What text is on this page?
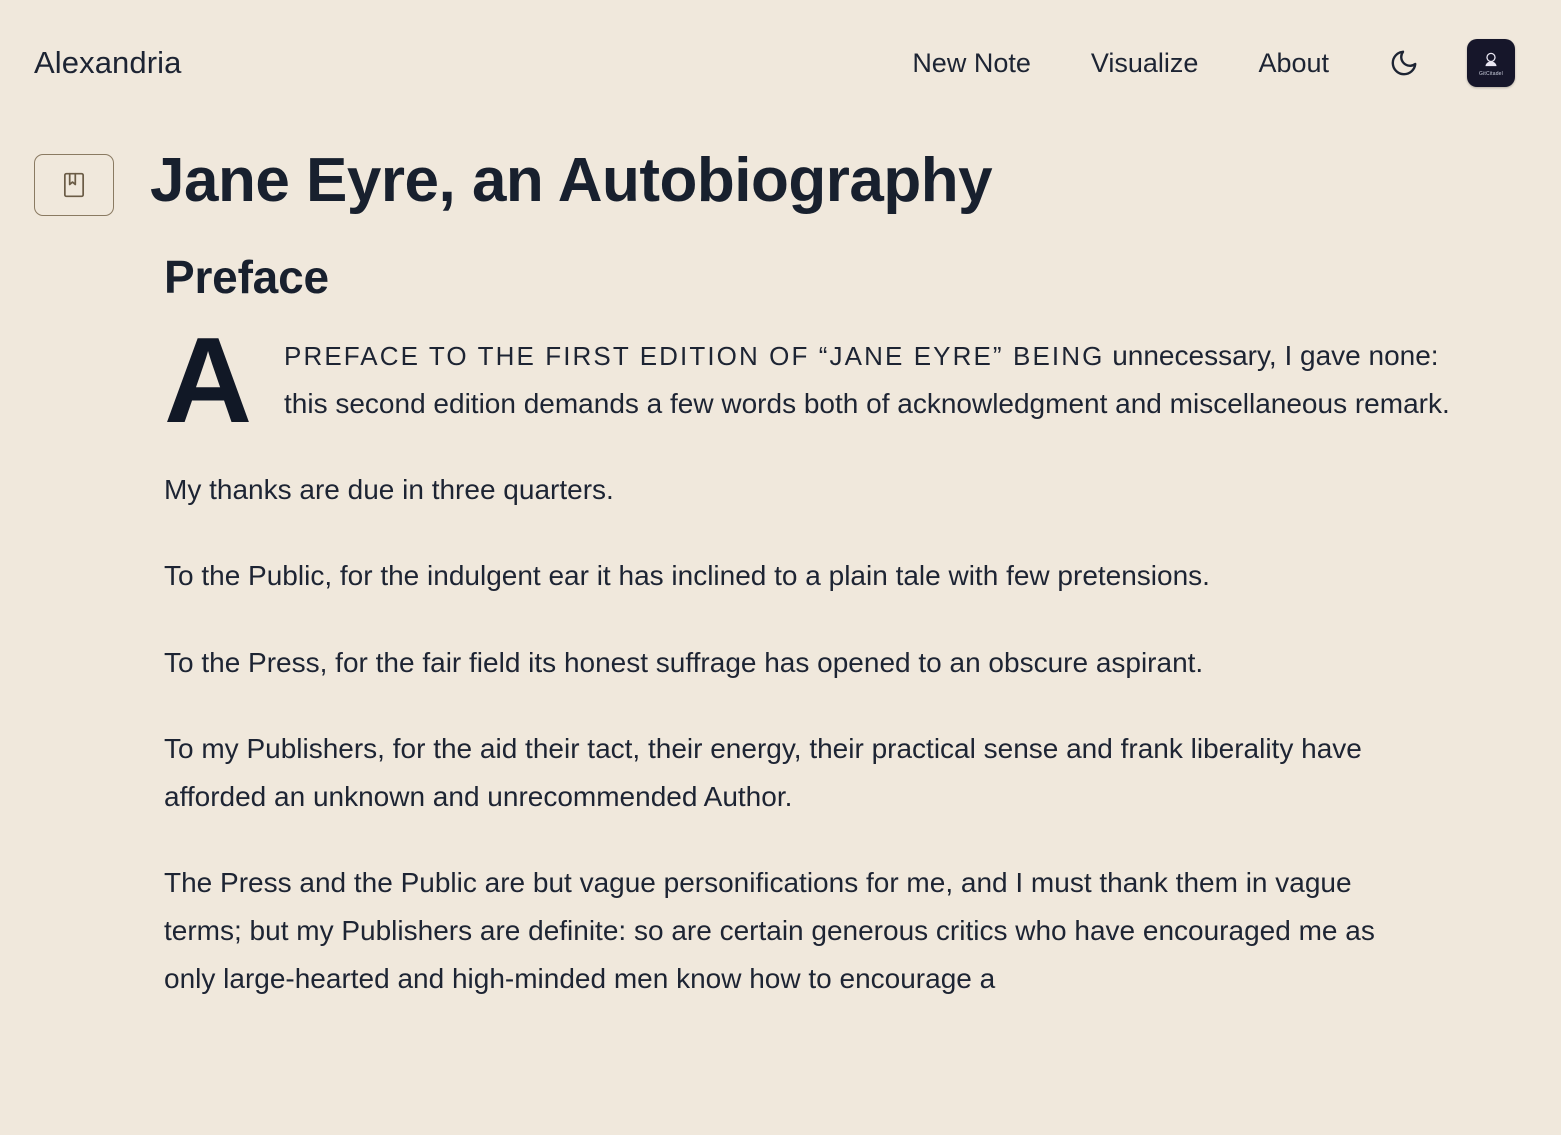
Alexandria	New Note	Visualize	About	GitCitadel
Jane Eyre, an Autobiography
Preface

A PREFACE TO THE FIRST EDITION OF “JANE EYRE” BEING unnecessary, I gave none: this second edition demands a few words both of acknowledgment and miscellaneous remark.

My thanks are due in three quarters.

To the Public, for the indulgent ear it has inclined to a plain tale with few pretensions.

To the Press, for the fair field its honest suffrage has opened to an obscure aspirant.

To my Publishers, for the aid their tact, their energy, their practical sense and frank liberality have afforded an unknown and unrecommended Author.

The Press and the Public are but vague personifications for me, and I must thank them in vague terms; but my Publishers are definite: so are certain generous critics who have encouraged me as only large-hearted and high-minded men know how to encourage a
